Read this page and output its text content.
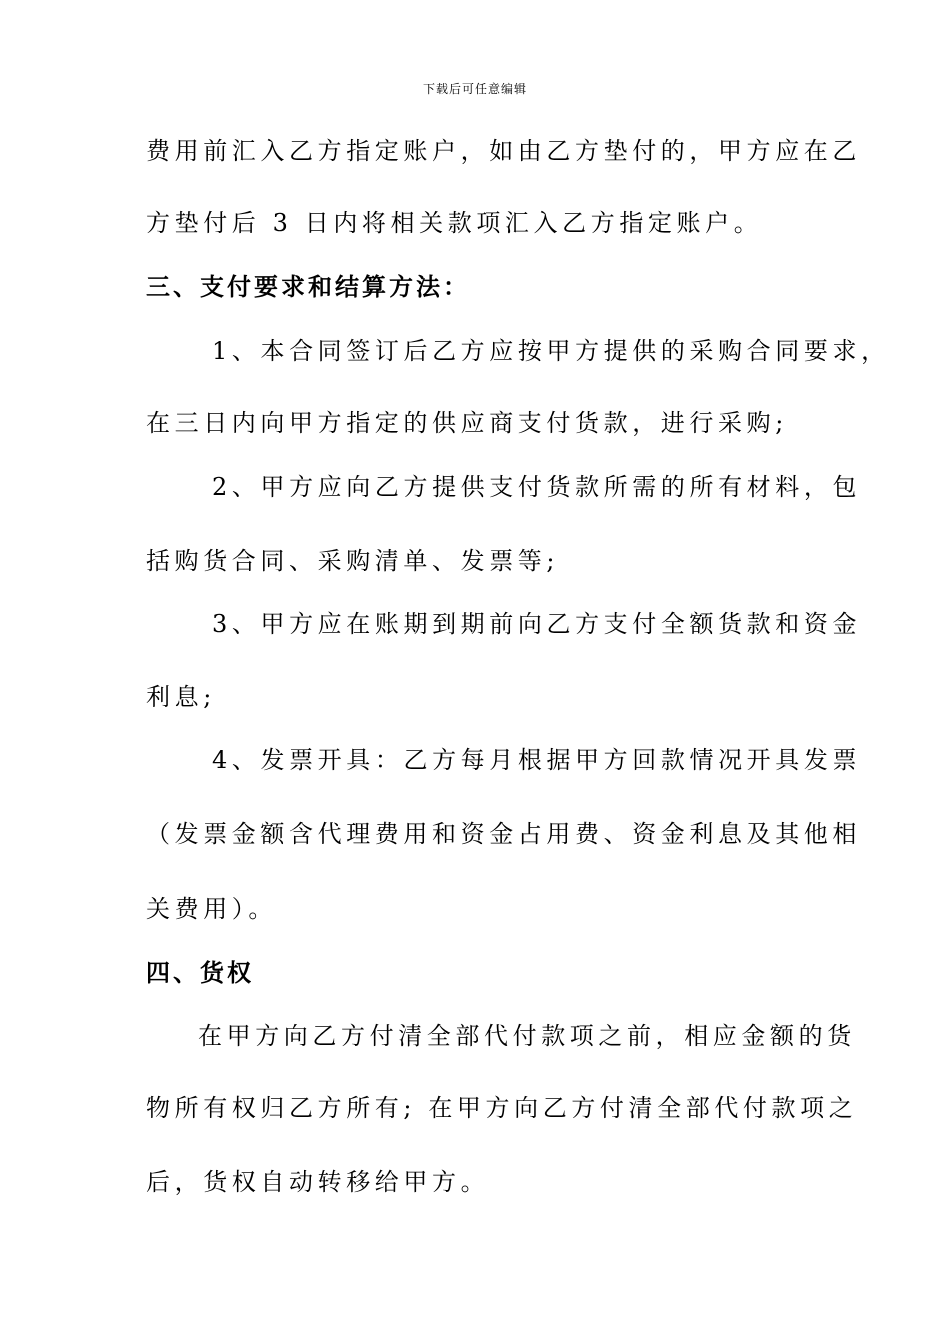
下载后可任意编辑
费用前汇入乙方指定账户，如由乙方垫付的，甲方应在乙
方垫付后 3 日内将相关款项汇入乙方指定账户。
三、支付要求和结算方法：
1、本合同签订后乙方应按甲方提供的采购合同要求，
在三日内向甲方指定的供应商支付货款，进行采购;
2、甲方应向乙方提供支付货款所需的所有材料，包
括购货合同、采购清单、发票等;
3、甲方应在账期到期前向乙方支付全额货款和资金
利息;
4、发票开具：乙方每月根据甲方回款情况开具发票
（发票金额含代理费用和资金占用费、资金利息及其他相
关费用）。
四、货权
在甲方向乙方付清全部代付款项之前，相应金额的货
物所有权归乙方所有; 在甲方向乙方付清全部代付款项之
后，货权自动转移给甲方。
